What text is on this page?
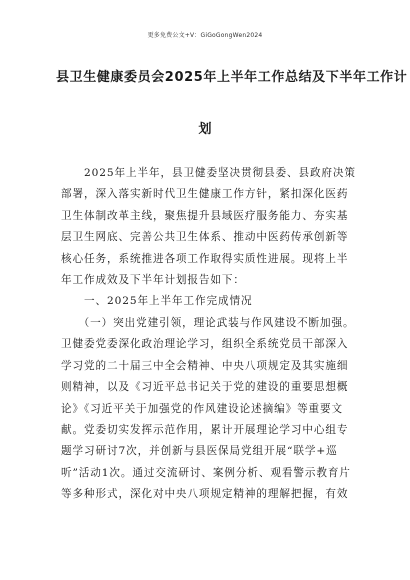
更多免费公文+V：GiGoGongWen2024
县卫生健康委员会2025年上半年工作总结及下半年工作计
划
　　2025年上半年，县卫健委坚决贯彻县委、县政府决策
部署，深入落实新时代卫生健康工作方针，紧扣深化医药
卫生体制改革主线，聚焦提升县域医疗服务能力、夯实基
层卫生网底、完善公共卫生体系、推动中医药传承创新等
核心任务，系统推进各项工作取得实质性进展。现将上半
年工作成效及下半年计划报告如下：
　　一、2025年上半年工作完成情况
　　（一）突出党建引领，理论武装与作风建设不断加强。
卫健委党委深化政治理论学习，组织全系统党员干部深入
学习党的二十届三中全会精神、中央八项规定及其实施细
则精神，以及《习近平总书记关于党的建设的重要思想概
论》《习近平关于加强党的作风建设论述摘编》等重要文
献。党委切实发挥示范作用，累计开展理论学习中心组专
题学习研讨7次，并创新与县医保局党组开展“联学+巡
听”活动1次。通过交流研讨、案例分析、观看警示教育片
等多种形式，深化对中央八项规定精神的理解把握，有效
